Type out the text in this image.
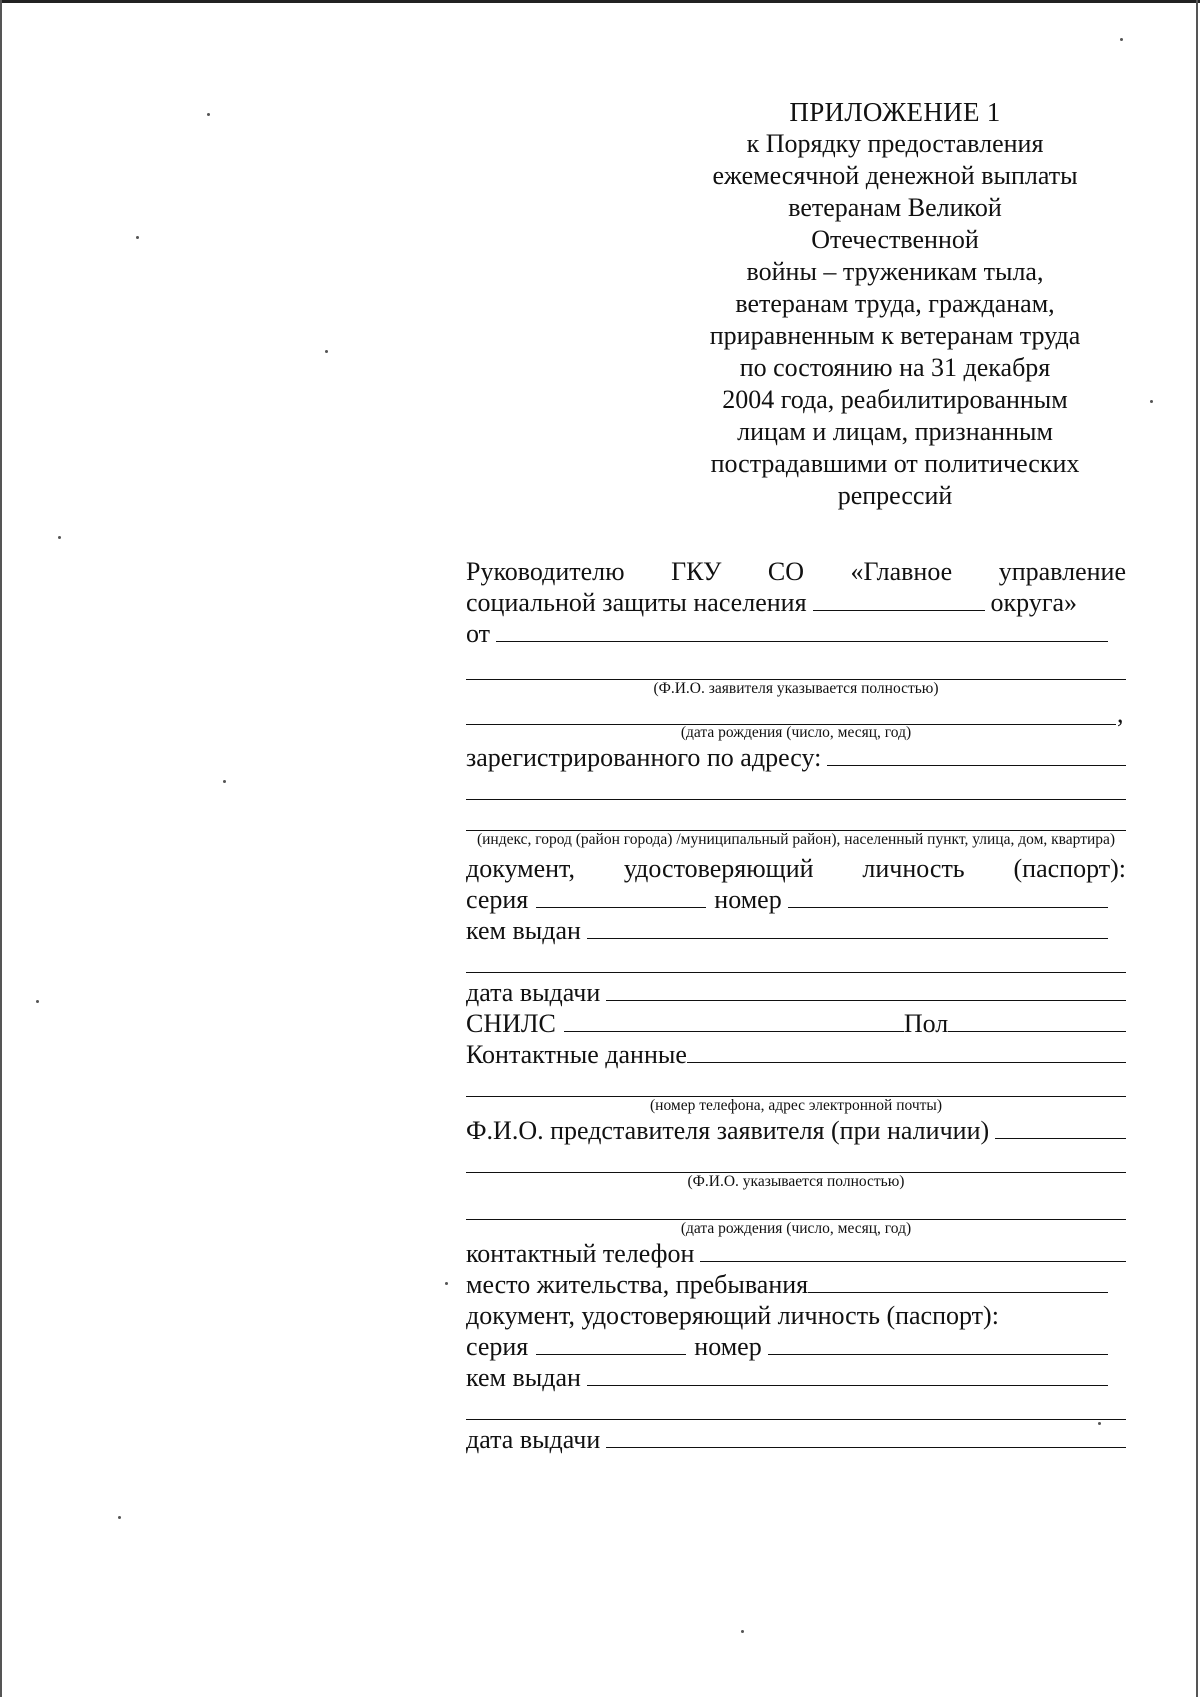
ПРИЛОЖЕНИЕ 1
к Порядку предоставления
ежемесячной денежной выплаты
ветеранам Великой
Отечественной
войны – труженикам тыла,
ветеранам труда, гражданам,
приравненным к ветеранам труда
по состоянию на 31 декабря
2004 года, реабилитированным
лицам и лицам, признанным
пострадавшими от политических
репрессий
Руководителю ГКУ СО «Главное управление
социальной защиты населения	округа»
от
(Ф.И.О. заявителя указывается полностью)
,
(дата рождения (число, месяц, год)
зарегистрированного по адресу:
(индекс, город (район города) /муниципальный район), населенный пункт, улица, дом, квартира)
документ, удостоверяющий личность (паспорт):
серия	номер
кем выдан
дата выдачи
СНИЛС	Пол
Контактные данные
(номер телефона, адрес электронной почты)
Ф.И.О. представителя заявителя (при наличии)
(Ф.И.О. указывается полностью)
(дата рождения (число, месяц, год)
контактный телефон
место жительства, пребывания
документ, удостоверяющий личность (паспорт):
серия	номер
кем выдан
дата выдачи
